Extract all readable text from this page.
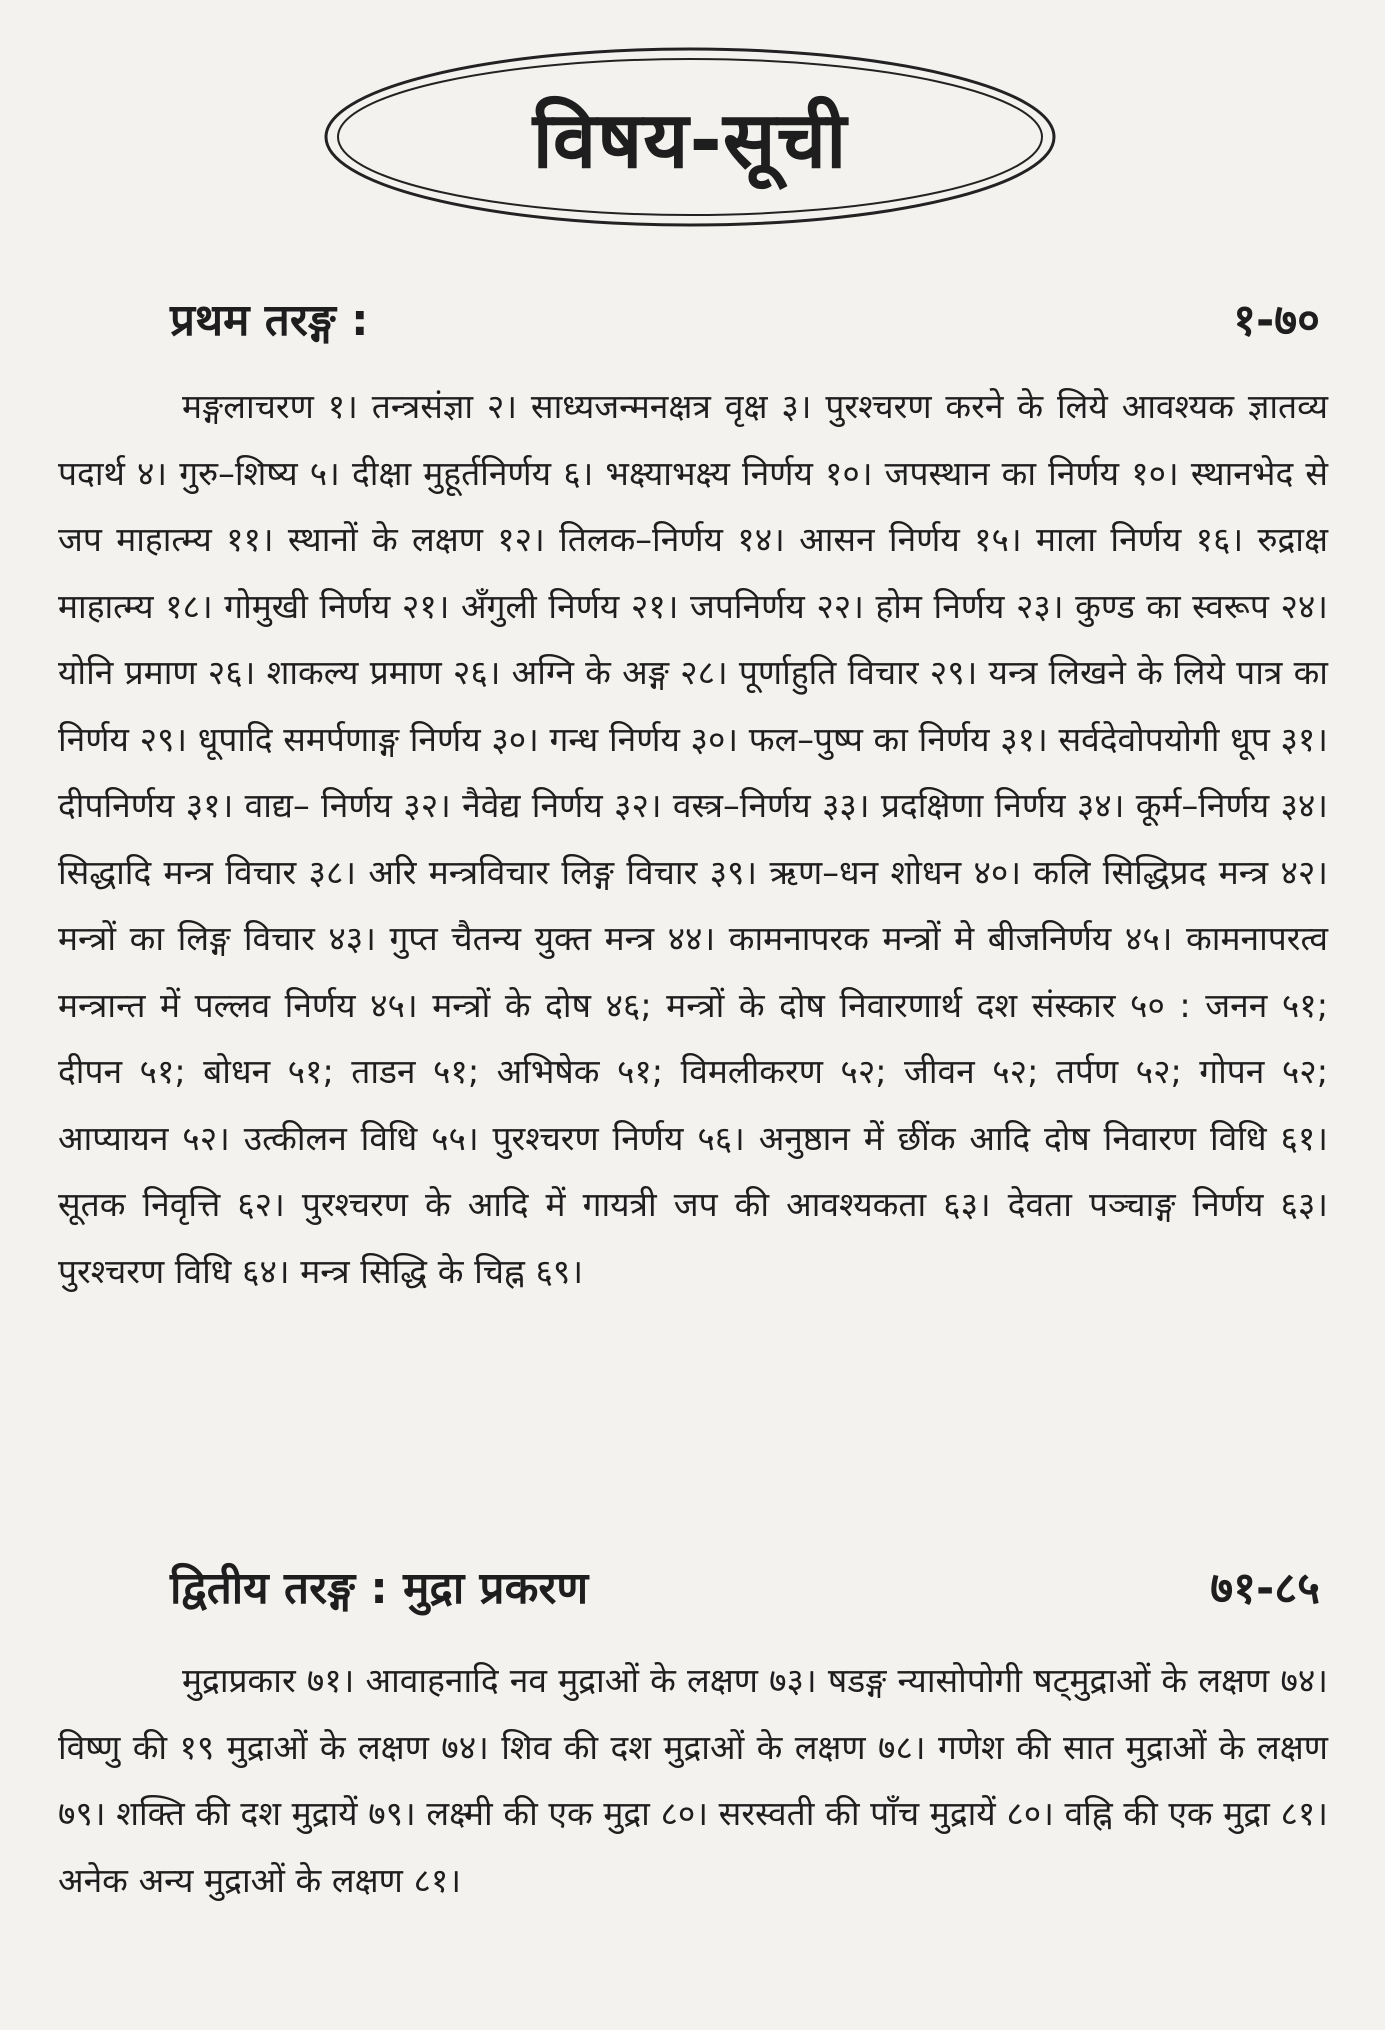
विषय-सूची
प्रथम तरङ्ग :	१-७०

मङ्गलाचरण १। तन्त्रसंज्ञा २। साध्यजन्मनक्षत्र वृक्ष ३। पुरश्चरण करने के लिये आवश्यक ज्ञातव्य पदार्थ ४। गुरु–शिष्य ५। दीक्षा मुहूर्तनिर्णय ६। भक्ष्याभक्ष्य निर्णय १०। जपस्थान का निर्णय १०। स्थानभेद से जप माहात्म्य ११। स्थानों के लक्षण १२। तिलक–निर्णय १४। आसन निर्णय १५। माला निर्णय १६। रुद्राक्ष माहात्म्य १८। गोमुखी निर्णय २१। अँगुली निर्णय २१। जपनिर्णय २२। होम निर्णय २३। कुण्ड का स्वरूप २४। योनि प्रमाण २६। शाकल्य प्रमाण २६। अग्नि के अङ्ग २८। पूर्णाहुति विचार २९। यन्त्र लिखने के लिये पात्र का निर्णय २९। धूपादि समर्पणाङ्ग निर्णय ३०। गन्ध निर्णय ३०। फल–पुष्प का निर्णय ३१। सर्वदेवोपयोगी धूप ३१। दीपनिर्णय ३१। वाद्य– निर्णय ३२। नैवेद्य निर्णय ३२। वस्त्र–निर्णय ३३। प्रदक्षिणा निर्णय ३४। कूर्म–निर्णय ३४। सिद्धादि मन्त्र विचार ३८। अरि मन्त्रविचार लिङ्ग विचार ३९। ऋण–धन शोधन ४०। कलि सिद्धिप्रद मन्त्र ४२। मन्त्रों का लिङ्ग विचार ४३। गुप्त चैतन्य युक्त मन्त्र ४४। कामनापरक मन्त्रों मे बीजनिर्णय ४५। कामनापरत्व मन्त्रान्त में पल्लव निर्णय ४५। मन्त्रों के दोष ४६; मन्त्रों के दोष निवारणार्थ दश संस्कार ५० : जनन ५१; दीपन ५१; बोधन ५१; ताडन ५१; अभिषेक ५१; विमलीकरण ५२; जीवन ५२; तर्पण ५२; गोपन ५२; आप्यायन ५२। उत्कीलन विधि ५५। पुरश्चरण निर्णय ५६। अनुष्ठान में छींक आदि दोष निवारण विधि ६१। सूतक निवृत्ति ६२। पुरश्चरण के आदि में गायत्री जप की आवश्यकता ६३। देवता पञ्चाङ्ग निर्णय ६३। पुरश्चरण विधि ६४। मन्त्र सिद्धि के चिह्न ६९।

द्वितीय तरङ्ग : मुद्रा प्रकरण	७१-८५

मुद्राप्रकार ७१। आवाहनादि नव मुद्राओं के लक्षण ७३। षडङ्ग न्यासोपोगी षट्मुद्राओं के लक्षण ७४। विष्णु की १९ मुद्राओं के लक्षण ७४। शिव की दश मुद्राओं के लक्षण ७८। गणेश की सात मुद्राओं के लक्षण ७९। शक्ति की दश मुद्रायें ७९। लक्ष्मी की एक मुद्रा ८०। सरस्वती की पाँच मुद्रायें ८०। वह्नि की एक मुद्रा ८१। अनेक अन्य मुद्राओं के लक्षण ८१।
